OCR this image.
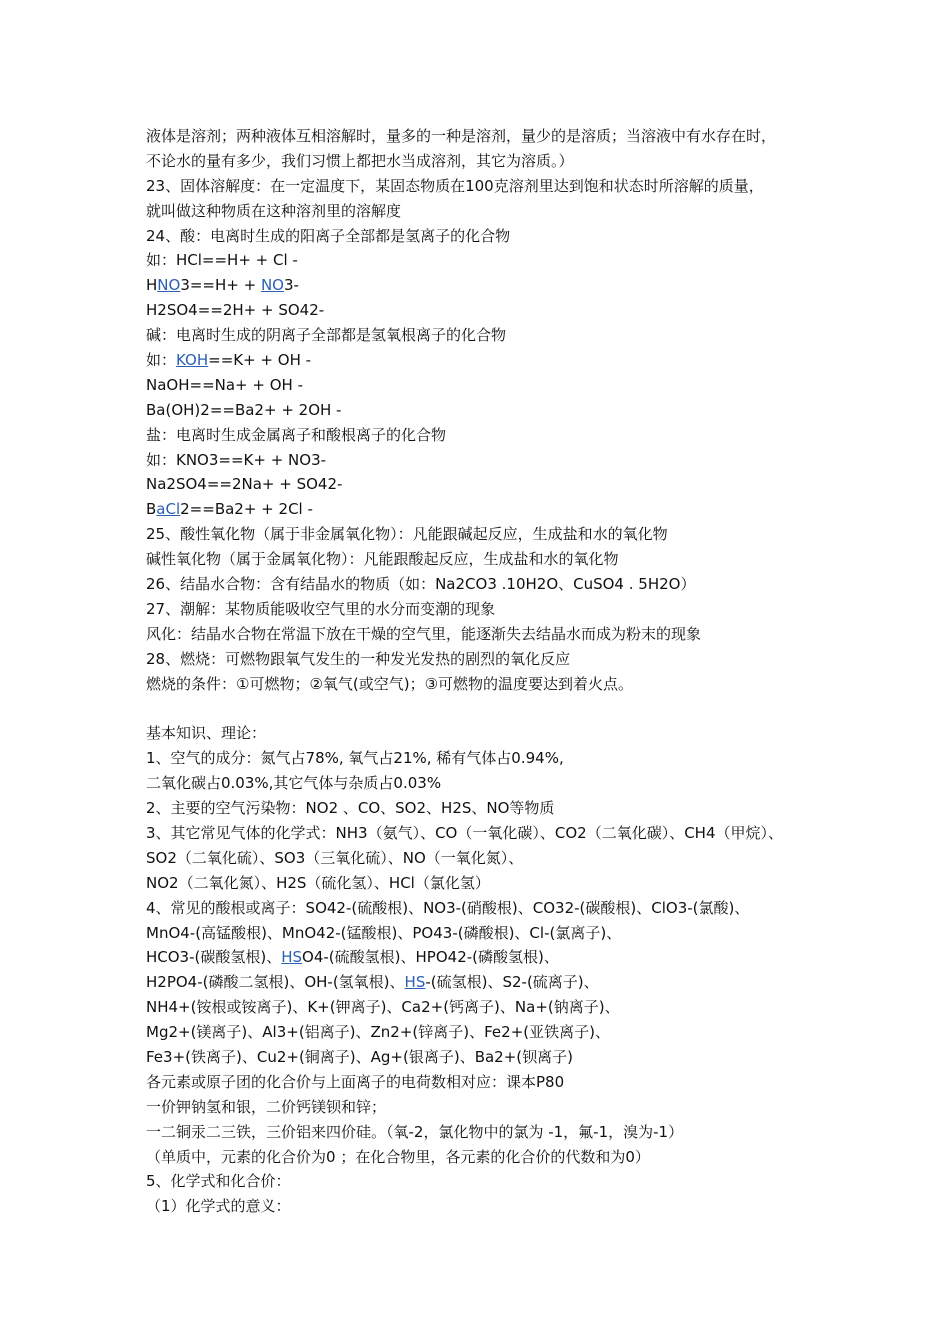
液体是溶剂；两种液体互相溶解时，量多的一种是溶剂，量少的是溶质；当溶液中有水存在时，
不论水的量有多少，我们习惯上都把水当成溶剂，其它为溶质。）
23、固体溶解度：在一定温度下，某固态物质在100克溶剂里达到饱和状态时所溶解的质量，
就叫做这种物质在这种溶剂里的溶解度
24、酸：电离时生成的阳离子全部都是氢离子的化合物
如：HCl==H+ + Cl -
HNO3==H+ + NO3-
H2SO4==2H+ + SO42-
碱：电离时生成的阴离子全部都是氢氧根离子的化合物
如：KOH==K+ + OH -
NaOH==Na+ + OH -
Ba(OH)2==Ba2+ + 2OH -
盐：电离时生成金属离子和酸根离子的化合物
如：KNO3==K+ + NO3-
Na2SO4==2Na+ + SO42-
BaCl2==Ba2+ + 2Cl -
25、酸性氧化物（属于非金属氧化物）：凡能跟碱起反应，生成盐和水的氧化物
碱性氧化物（属于金属氧化物）：凡能跟酸起反应，生成盐和水的氧化物
26、结晶水合物：含有结晶水的物质（如：Na2CO3 .10H2O、CuSO4 . 5H2O）
27、潮解：某物质能吸收空气里的水分而变潮的现象
风化：结晶水合物在常温下放在干燥的空气里，能逐渐失去结晶水而成为粉末的现象
28、燃烧：可燃物跟氧气发生的一种发光发热的剧烈的氧化反应
燃烧的条件：①可燃物；②氧气(或空气)；③可燃物的温度要达到着火点。
基本知识、理论：
1、空气的成分：氮气占78%, 氧气占21%, 稀有气体占0.94%,
二氧化碳占0.03%,其它气体与杂质占0.03%
2、主要的空气污染物：NO2 、CO、SO2、H2S、NO等物质
3、其它常见气体的化学式：NH3（氨气）、CO（一氧化碳）、CO2（二氧化碳）、CH4（甲烷）、
SO2（二氧化硫）、SO3（三氧化硫）、NO（一氧化氮）、
NO2（二氧化氮）、H2S（硫化氢）、HCl（氯化氢）
4、常见的酸根或离子：SO42-(硫酸根)、NO3-(硝酸根)、CO32-(碳酸根)、ClO3-(氯酸)、
MnO4-(高锰酸根)、MnO42-(锰酸根)、PO43-(磷酸根)、Cl-(氯离子)、
HCO3-(碳酸氢根)、HSO4-(硫酸氢根)、HPO42-(磷酸氢根)、
H2PO4-(磷酸二氢根)、OH-(氢氧根)、HS-(硫氢根)、S2-(硫离子)、
NH4+(铵根或铵离子)、K+(钾离子)、Ca2+(钙离子)、Na+(钠离子)、
Mg2+(镁离子)、Al3+(铝离子)、Zn2+(锌离子)、Fe2+(亚铁离子)、
Fe3+(铁离子)、Cu2+(铜离子)、Ag+(银离子)、Ba2+(钡离子)
各元素或原子团的化合价与上面离子的电荷数相对应：课本P80
一价钾钠氢和银，二价钙镁钡和锌；
一二铜汞二三铁，三价铝来四价硅。（氧-2，氯化物中的氯为 -1，氟-1，溴为-1）
（单质中，元素的化合价为0 ；在化合物里，各元素的化合价的代数和为0）
5、化学式和化合价：
（1）化学式的意义：
